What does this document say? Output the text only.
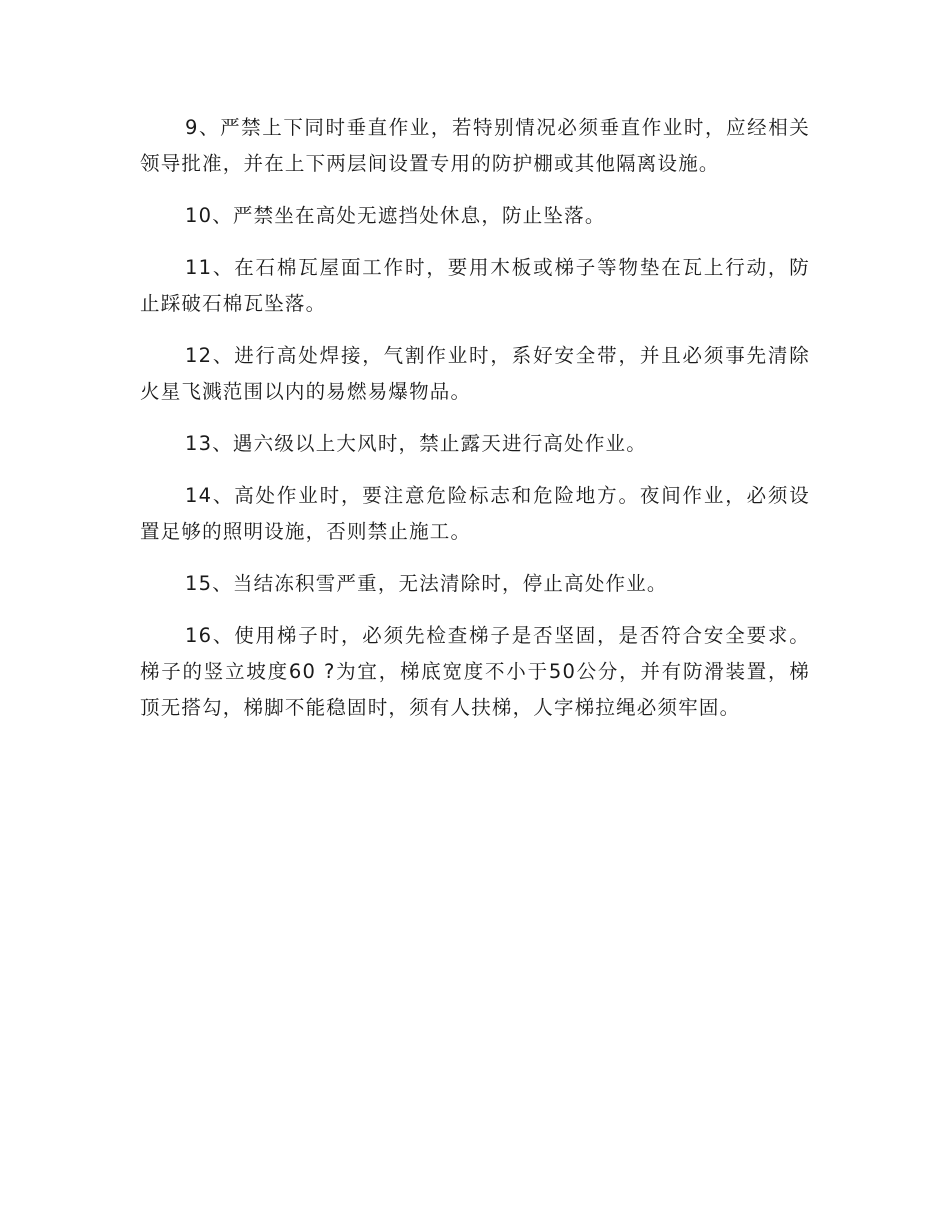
9、严禁上下同时垂直作业，若特别情况必须垂直作业时，应经相关领导批准，并在上下两层间设置专用的防护棚或其他隔离设施。

10、严禁坐在高处无遮挡处休息，防止坠落。

11、在石棉瓦屋面工作时，要用木板或梯子等物垫在瓦上行动，防止踩破石棉瓦坠落。

12、进行高处焊接，气割作业时，系好安全带，并且必须事先清除火星飞溅范围以内的易燃易爆物品。

13、遇六级以上大风时，禁止露天进行高处作业。

14、高处作业时，要注意危险标志和危险地方。夜间作业，必须设置足够的照明设施，否则禁止施工。

15、当结冻积雪严重，无法清除时，停止高处作业。

16、使用梯子时，必须先检查梯子是否坚固，是否符合安全要求。梯子的竖立坡度60 ?为宜，梯底宽度不小于50公分，并有防滑装置，梯顶无搭勾，梯脚不能稳固时，须有人扶梯，人字梯拉绳必须牢固。
